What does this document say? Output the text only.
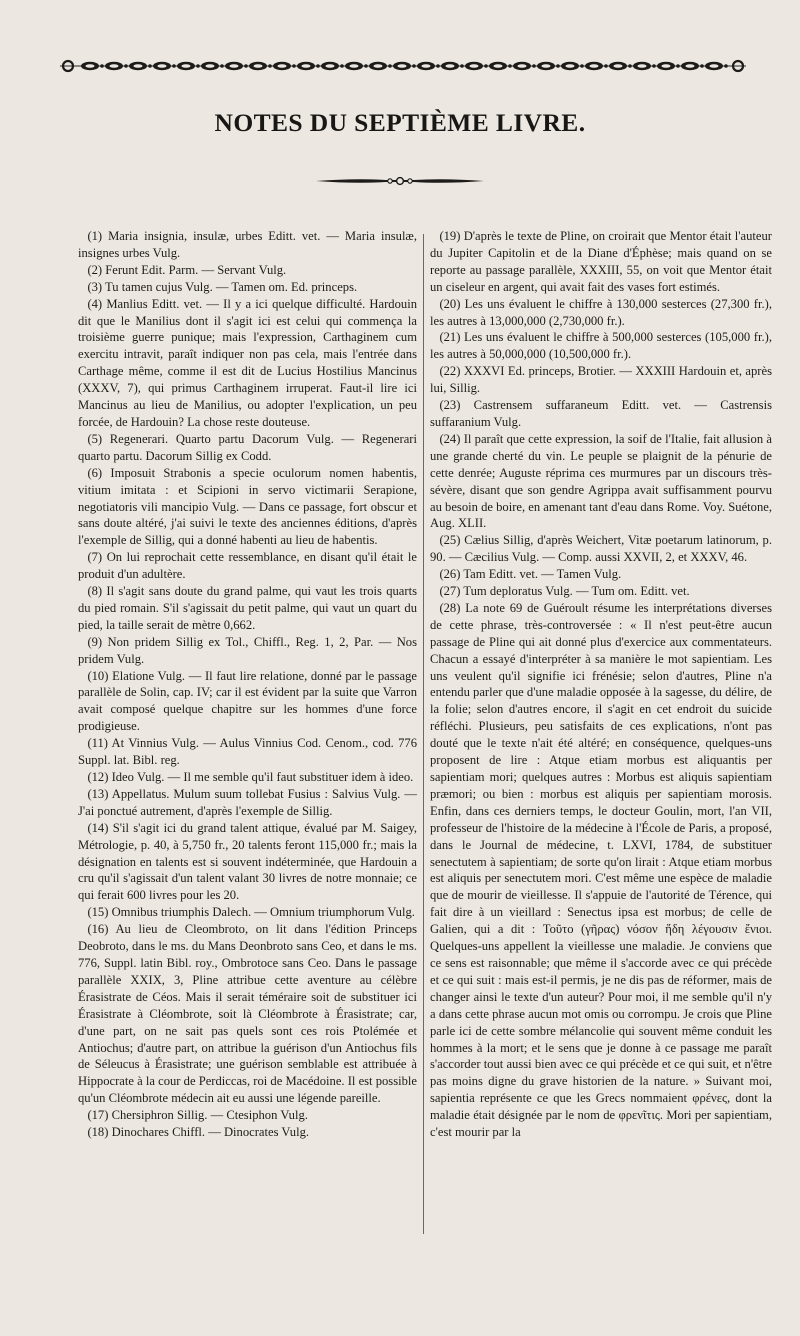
NOTES DU SEPTIÈME LIVRE.

(1) Maria insignia, insulæ, urbes Editt. vet. — Maria insulæ, insignes urbes Vulg.

(2) Ferunt Edit. Parm. — Servant Vulg.

(3) Tu tamen cujus Vulg. — Tamen om. Ed. princeps.

(4) Manlius Editt. vet. — Il y a ici quelque difficulté. Hardouin dit que le Manilius dont il s'agit ici est celui qui commença la troisième guerre punique; mais l'expression, Carthaginem cum exercitu intravit, paraît indiquer non pas cela, mais l'entrée dans Carthage même, comme il est dit de Lucius Hostilius Mancinus (XXXV, 7), qui primus Carthaginem irruperat. Faut-il lire ici Mancinus au lieu de Manilius, ou adopter l'explication, un peu forcée, de Hardouin? La chose reste douteuse.

(5) Regenerari. Quarto partu Dacorum Vulg. — Regenerari quarto partu. Dacorum Sillig ex Codd.

(6) Imposuit Strabonis a specie oculorum nomen habentis, vitium imitata : et Scipioni in servo victimarii Serapione, negotiatoris vili mancipio Vulg. — Dans ce passage, fort obscur et sans doute altéré, j'ai suivi le texte des anciennes éditions, d'après l'exemple de Sillig, qui a donné habenti au lieu de habentis.

(7) On lui reprochait cette ressemblance, en disant qu'il était le produit d'un adultère.

(8) Il s'agit sans doute du grand palme, qui vaut les trois quarts du pied romain. S'il s'agissait du petit palme, qui vaut un quart du pied, la taille serait de mètre 0,662.

(9) Non pridem Sillig ex Tol., Chiffl., Reg. 1, 2, Par. — Nos pridem Vulg.

(10) Elatione Vulg. — Il faut lire relatione, donné par le passage parallèle de Solin, cap. IV; car il est évident par la suite que Varron avait composé quelque chapitre sur les hommes d'une force prodigieuse.

(11) At Vinnius Vulg. — Aulus Vinnius Cod. Cenom., cod. 776 Suppl. lat. Bibl. reg.

(12) Ideo Vulg. — Il me semble qu'il faut substituer idem à ideo.

(13) Appellatus. Mulum suum tollebat Fusius : Salvius Vulg. — J'ai ponctué autrement, d'après l'exemple de Sillig.

(14) S'il s'agit ici du grand talent attique, évalué par M. Saigey, Métrologie, p. 40, à 5,750 fr., 20 talents feront 115,000 fr.; mais la désignation en talents est si souvent indéterminée, que Hardouin a cru qu'il s'agissait d'un talent valant 30 livres de notre monnaie; ce qui ferait 600 livres pour les 20.

(15) Omnibus triumphis Dalech. — Omnium triumphorum Vulg.

(16) Au lieu de Cleombroto, on lit dans l'édition Princeps Deobroto, dans le ms. du Mans Deonbroto sans Ceo, et dans le ms. 776, Suppl. latin Bibl. roy., Ombrotoce sans Ceo. Dans le passage parallèle XXIX, 3, Pline attribue cette aventure au célèbre Érasistrate de Céos. Mais il serait téméraire soit de substituer ici Érasistrate à Cléombrote, soit là Cléombrote à Érasistrate; car, d'une part, on ne sait pas quels sont ces rois Ptolémée et Antiochus; d'autre part, on attribue la guérison d'un Antiochus fils de Séleucus à Érasistrate; une guérison semblable est attribuée à Hippocrate à la cour de Perdiccas, roi de Macédoine. Il est possible qu'un Cléombrote médecin ait eu aussi une légende pareille.

(17) Chersiphron Sillig. — Ctesiphon Vulg.

(18) Dinochares Chiffl. — Dinocrates Vulg.

(19) D'après le texte de Pline, on croirait que Mentor était l'auteur du Jupiter Capitolin et de la Diane d'Éphèse; mais quand on se reporte au passage parallèle, XXXIII, 55, on voit que Mentor était un ciseleur en argent, qui avait fait des vases fort estimés.

(20) Les uns évaluent le chiffre à 130,000 sesterces (27,300 fr.), les autres à 13,000,000 (2,730,000 fr.).

(21) Les uns évaluent le chiffre à 500,000 sesterces (105,000 fr.), les autres à 50,000,000 (10,500,000 fr.).

(22) XXXVI Ed. princeps, Brotier. — XXXIII Hardouin et, après lui, Sillig.

(23) Castrensem suffaraneum Editt. vet. — Castrensis suffaranium Vulg.

(24) Il paraît que cette expression, la soif de l'Italie, fait allusion à une grande cherté du vin. Le peuple se plaignit de la pénurie de cette denrée; Auguste réprima ces murmures par un discours très-sévère, disant que son gendre Agrippa avait suffisamment pourvu au besoin de boire, en amenant tant d'eau dans Rome. Voy. Suétone, Aug. XLII.

(25) Cælius Sillig, d'après Weichert, Vitæ poetarum latinorum, p. 90. — Cæcilius Vulg. — Comp. aussi XXVII, 2, et XXXV, 46.

(26) Tam Editt. vet. — Tamen Vulg.

(27) Tum deploratus Vulg. — Tum om. Editt. vet.

(28) La note 69 de Guéroult résume les interprétations diverses de cette phrase, très-controversée : « Il n'est peut-être aucun passage de Pline qui ait donné plus d'exercice aux commentateurs. Chacun a essayé d'interpréter à sa manière le mot sapientiam. Les uns veulent qu'il signifie ici frénésie; selon d'autres, Pline n'a entendu parler que d'une maladie opposée à la sagesse, du délire, de la folie; selon d'autres encore, il s'agit en cet endroit du suicide réfléchi. Plusieurs, peu satisfaits de ces explications, n'ont pas douté que le texte n'ait été altéré; en conséquence, quelques-uns proposent de lire : Atque etiam morbus est aliquantis per sapientiam mori; quelques autres : Morbus est aliquis sapientiam præmori; ou bien : morbus est aliquis per sapientiam morosis. Enfin, dans ces derniers temps, le docteur Goulin, mort, l'an VII, professeur de l'histoire de la médecine à l'École de Paris, a proposé, dans le Journal de médecine, t. LXVI, 1784, de substituer senectutem à sapientiam; de sorte qu'on lirait : Atque etiam morbus est aliquis per senectutem mori. C'est même une espèce de maladie que de mourir de vieillesse. Il s'appuie de l'autorité de Térence, qui fait dire à un vieillard : Senectus ipsa est morbus; de celle de Galien, qui a dit : Τοῦτο (γῆρας) νόσον ἤδη λέγουσιν ἔνιοι. Quelques-uns appellent la vieillesse une maladie. Je conviens que ce sens est raisonnable; que même il s'accorde avec ce qui précède et ce qui suit : mais est-il permis, je ne dis pas de réformer, mais de changer ainsi le texte d'un auteur? Pour moi, il me semble qu'il n'y a dans cette phrase aucun mot omis ou corrompu. Je crois que Pline parle ici de cette sombre mélancolie qui souvent même conduit les hommes à la mort; et le sens que je donne à ce passage me paraît s'accorder tout aussi bien avec ce qui précède et ce qui suit, et n'être pas moins digne du grave historien de la nature. » Suivant moi, sapientia représente ce que les Grecs nommaient φρένες, dont la maladie était désignée par le nom de φρενῖτις. Mori per sapientiam, c'est mourir par la
